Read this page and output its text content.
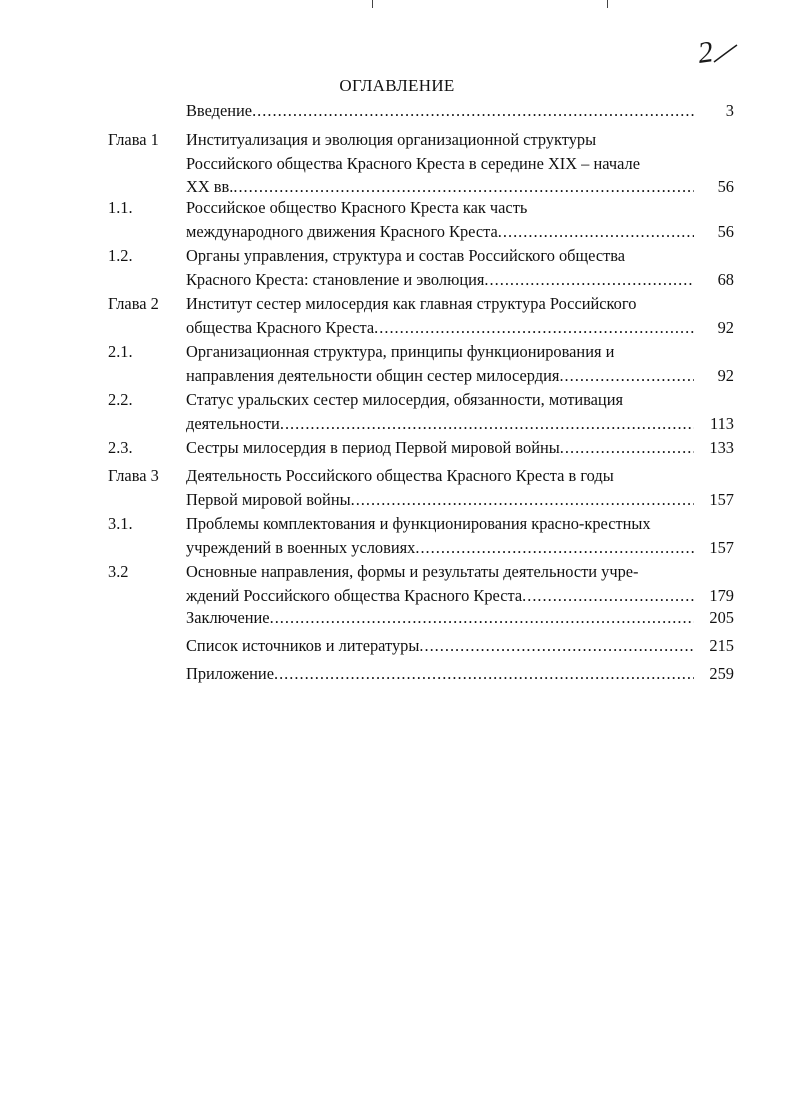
2
ОГЛАВЛЕНИЕ
Введение .....	3
Глава 1 Институализация и эволюция организационной структуры
Российского общества Красного Креста в середине XIX – начале
XX вв. .....	56
1.1.	Российское общество Красного Креста как часть
международного движения Красного Креста .....	56
1.2.	Органы управления, структура и состав Российского общества
Красного Креста: становление и эволюция .....	68
Глава 2 Институт сестер милосердия как главная структура Российского
общества Красного Креста .....	92
2.1.	Организационная структура, принципы функционирования и
направления деятельности общин сестер милосердия .....	92
2.2.	Статус уральских сестер милосердия, обязанности, мотивация
деятельности .....	113
2.3.	Сестры милосердия в период Первой мировой войны .....	133
Глава 3 Деятельность Российского общества Красного Креста в годы
Первой мировой войны .....	157
3.1.	Проблемы комплектования и функционирования красно-крестных
учреждений в военных условиях .....	157
3.2	Основные направления, формы и результаты деятельности учре-
ждений Российского общества Красного Креста .....	179
Заключение .....	205
Список источников и литературы .....	215
Приложение .....	259
